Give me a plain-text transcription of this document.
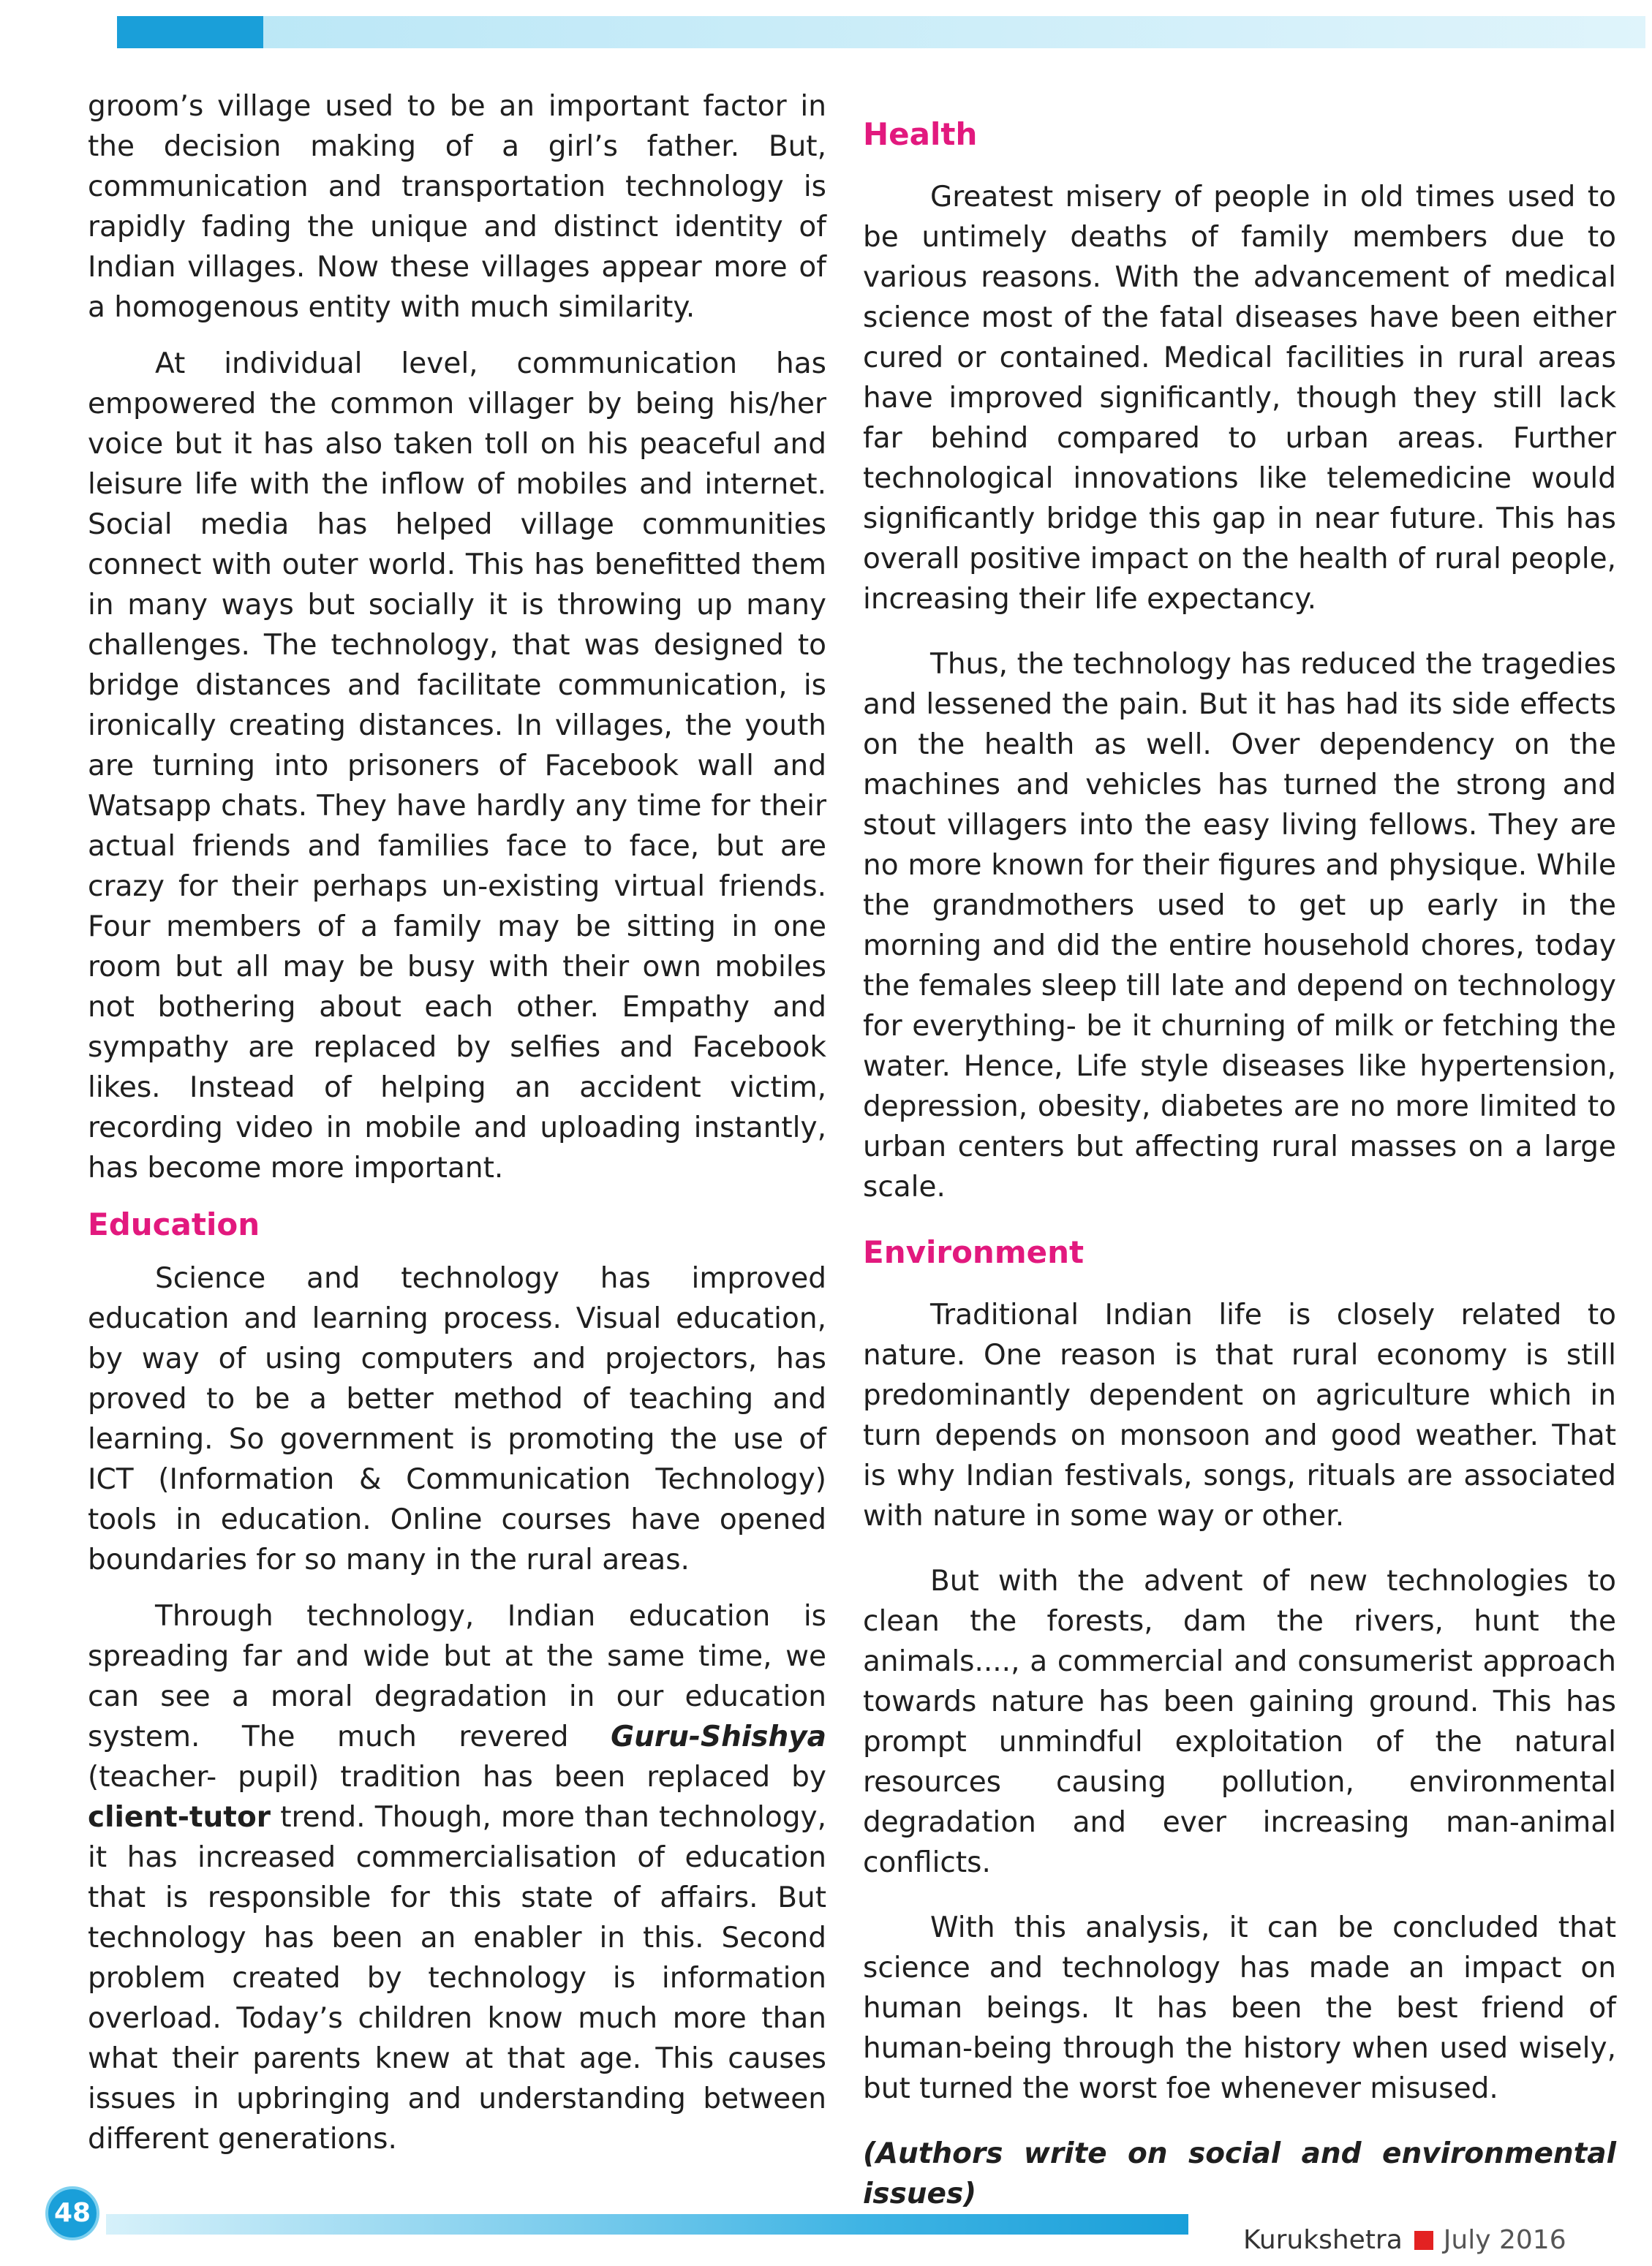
groom’s village used to be an important factor in the decision making of a girl’s father. But, communication and transportation technology is rapidly fading the unique and distinct identity of Indian villages. Now these villages appear more of a homogenous entity with much similarity.

At individual level, communication has empowered the common villager by being his/her voice but it has also taken toll on his peaceful and leisure life with the inflow of mobiles and internet. Social media has helped village communities connect with outer world. This has benefitted them in many ways but socially it is throwing up many challenges. The technology, that was designed to bridge distances and facilitate communication, is ironically creating distances. In villages, the youth are turning into prisoners of Facebook wall and Watsapp chats. They have hardly any time for their actual friends and families face to face, but are crazy for their perhaps un-existing virtual friends. Four members of a family may be sitting in one room but all may be busy with their own mobiles not bothering about each other. Empathy and sympathy are replaced by selfies and Facebook likes. Instead of helping an accident victim, recording video in mobile and uploading instantly, has become more important.

Education

Science and technology has improved education and learning process. Visual education, by way of using computers and projectors, has proved to be a better method of teaching and learning. So government is promoting the use of ICT (Information & Communication Technology) tools in education. Online courses have opened boundaries for so many in the rural areas.

Through technology, Indian education is spreading far and wide but at the same time, we can see a moral degradation in our education system. The much revered Guru-Shishya (teacher- pupil) tradition has been replaced by client-tutor trend. Though, more than technology, it has increased commercialisation of education that is responsible for this state of affairs. But technology has been an enabler in this. Second problem created by technology is information overload. Today’s children know much more than what their parents knew at that age. This causes issues in upbringing and understanding between different generations.

Health

Greatest misery of people in old times used to be untimely deaths of family members due to various reasons. With the advancement of medical science most of the fatal diseases have been either cured or contained. Medical facilities in rural areas have improved significantly, though they still lack far behind compared to urban areas. Further technological innovations like telemedicine would significantly bridge this gap in near future. This has overall positive impact on the health of rural people, increasing their life expectancy.

Thus, the technology has reduced the tragedies and lessened the pain. But it has had its side effects on the health as well. Over dependency on the machines and vehicles has turned the strong and stout villagers into the easy living fellows. They are no more known for their figures and physique. While the grandmothers used to get up early in the morning and did the entire household chores, today the females sleep till late and depend on technology for everything- be it churning of milk or fetching the water. Hence, Life style diseases like hypertension, depression, obesity, diabetes are no more limited to urban centers but affecting rural masses on a large scale.

Environment

Traditional Indian life is closely related to nature. One reason is that rural economy is still predominantly dependent on agriculture which in turn depends on monsoon and good weather. That is why Indian festivals, songs, rituals are associated with nature in some way or other.

But with the advent of new technologies to clean the forests, dam the rivers, hunt the animals...., a commercial and consumerist approach towards nature has been gaining ground. This has prompt unmindful exploitation of the natural resources causing pollution, environmental degradation and ever increasing man-animal conflicts.

With this analysis, it can be concluded that science and technology has made an impact on human beings. It has been the best friend of human-being through the history when used wisely, but turned the worst foe whenever misused.

(Authors write on social and environmental issues)

48
Kurukshetra July 2016
